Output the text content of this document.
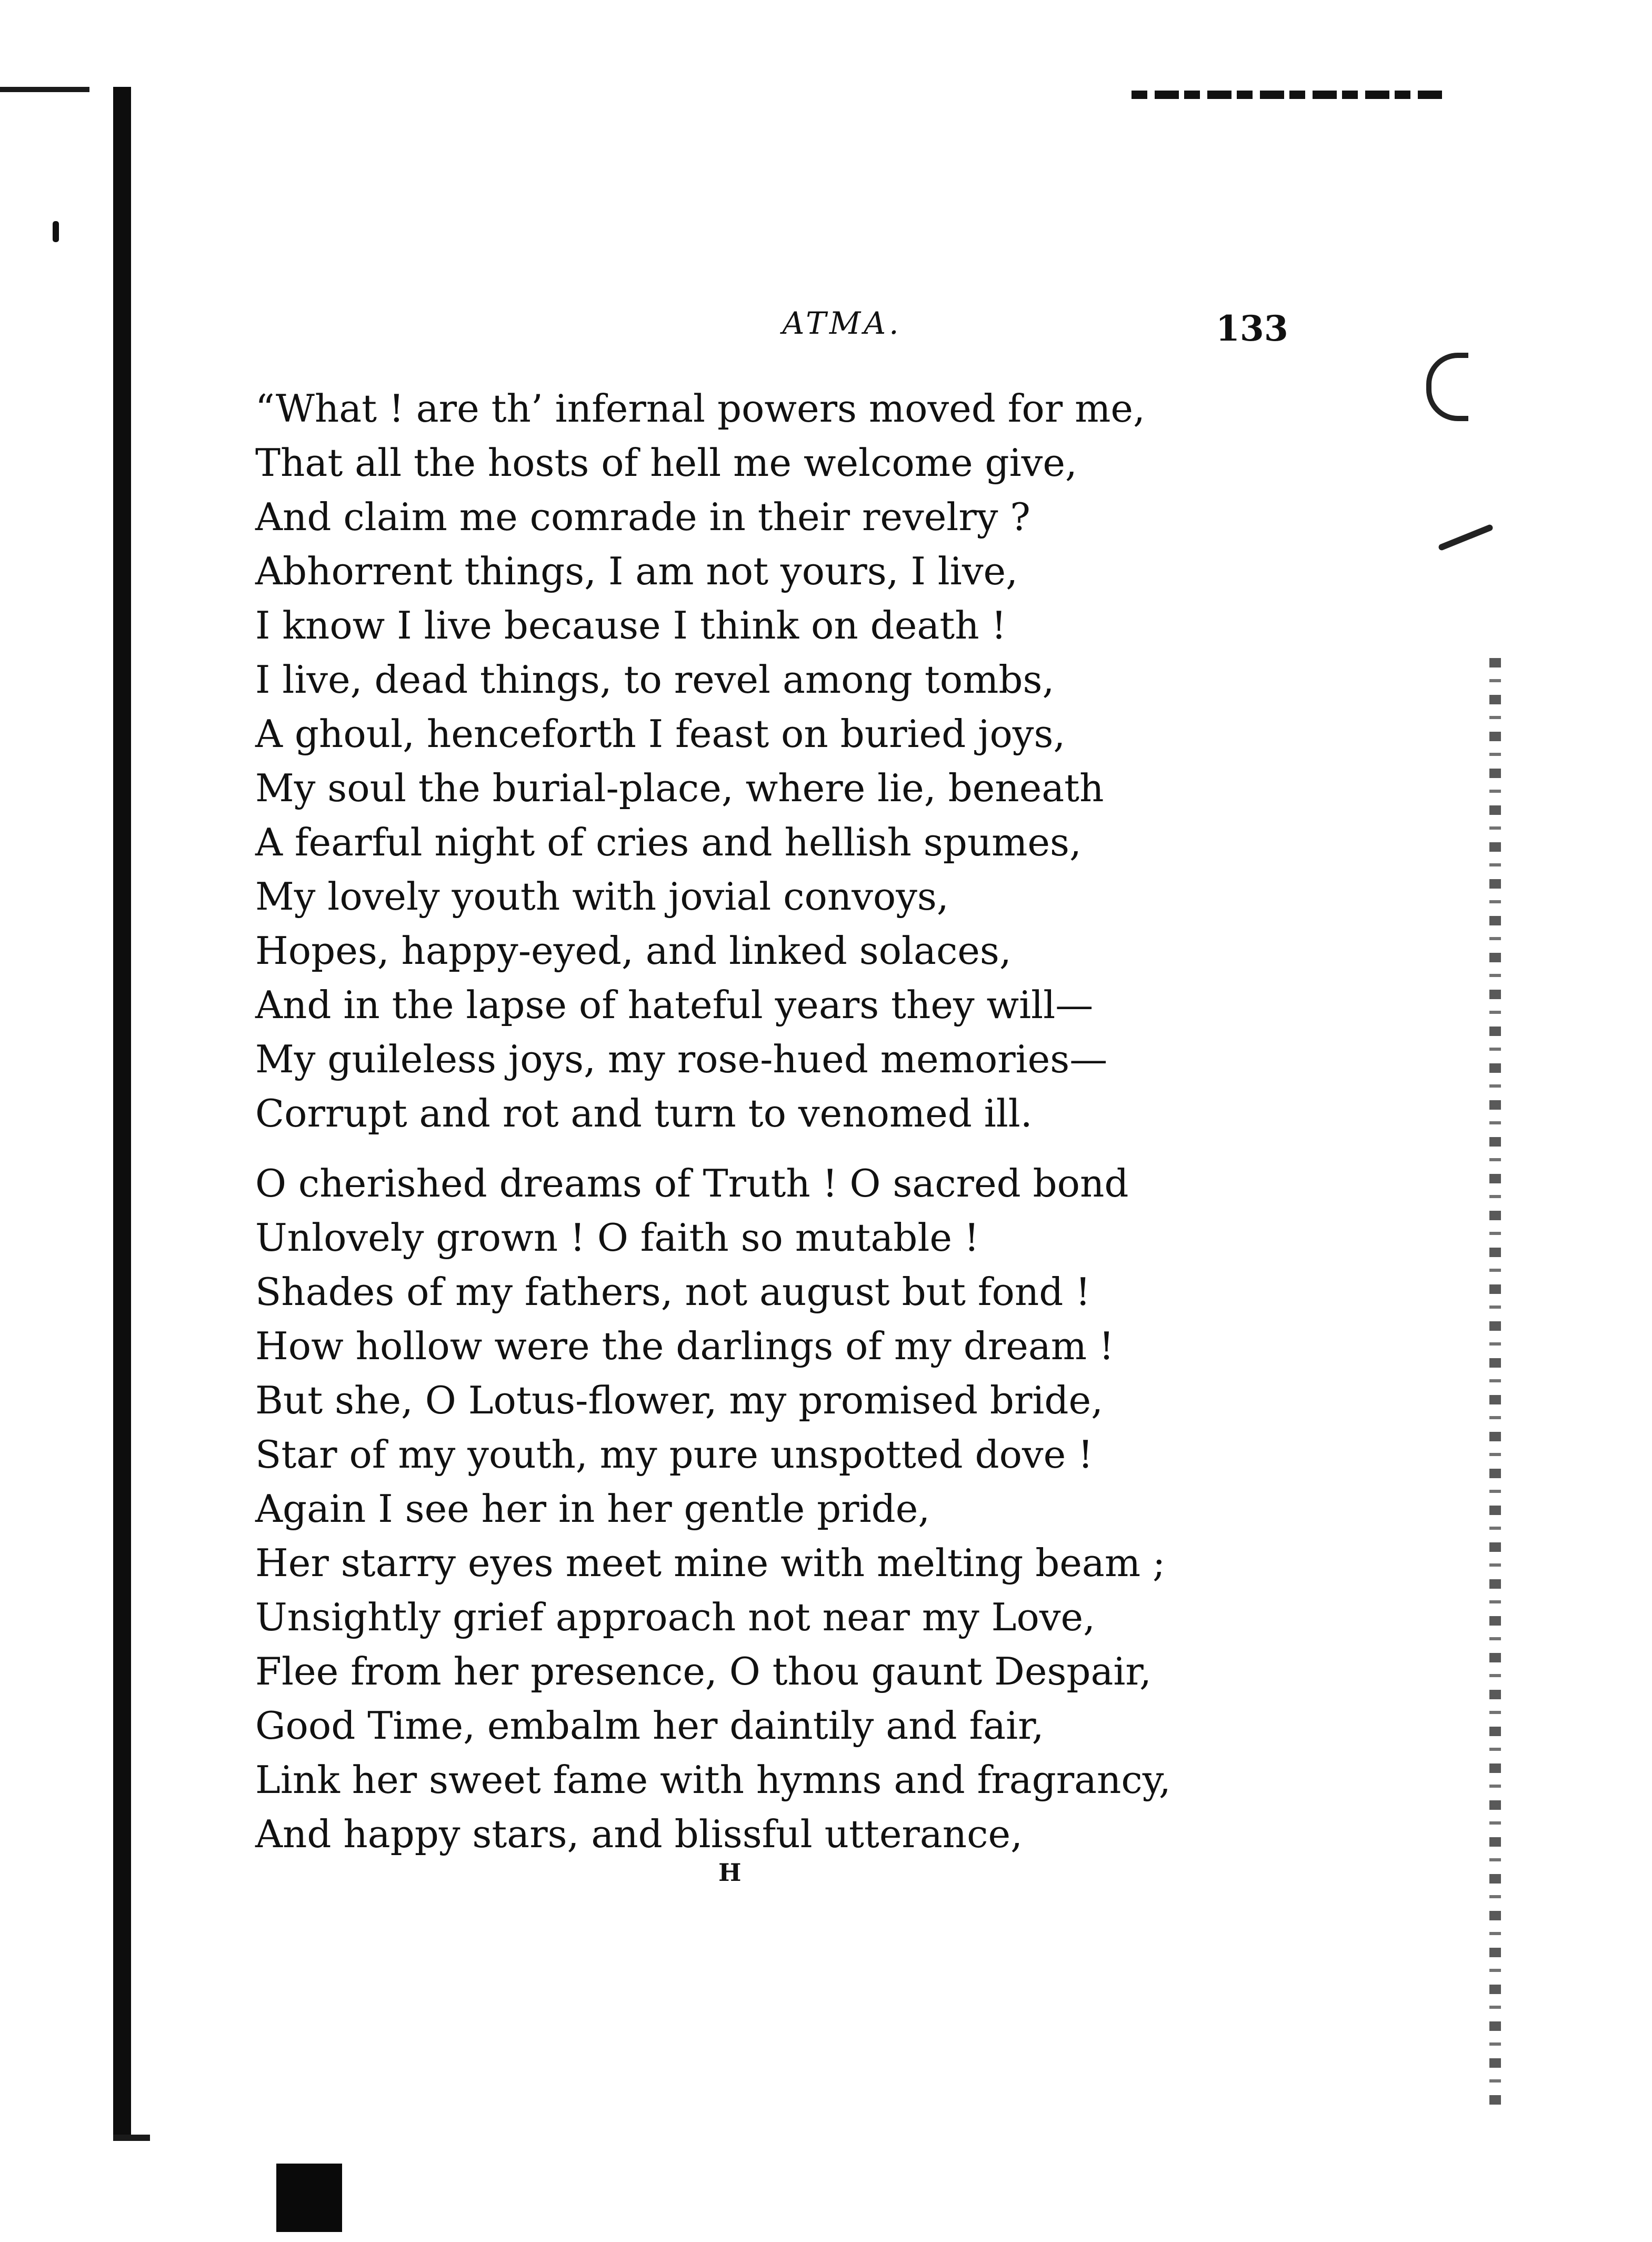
ATMA.	133
“What ! are th’ infernal powers moved for me,
That all the hosts of hell me welcome give,
And claim me comrade in their revelry ?
Abhorrent things, I am not yours, I live,
I know I live because I think on death !
I live, dead things, to revel among tombs,
A ghoul, henceforth I feast on buried joys,
My soul the burial-place, where lie, beneath
A fearful night of cries and hellish spumes,
My lovely youth with jovial convoys,
Hopes, happy-eyed, and linked solaces,
And in the lapse of hateful years they will—
My guileless joys, my rose-hued memories—
Corrupt and rot and turn to venomed ill.
O cherished dreams of Truth ! O sacred bond
Unlovely grown ! O faith so mutable !
Shades of my fathers, not august but fond !
How hollow were the darlings of my dream !
But she, O Lotus-flower, my promised bride,
Star of my youth, my pure unspotted dove !
Again I see her in her gentle pride,
Her starry eyes meet mine with melting beam ;
Unsightly grief approach not near my Love,
Flee from her presence, O thou gaunt Despair,
Good Time, embalm her daintily and fair,
Link her sweet fame with hymns and fragrancy,
And happy stars, and blissful utterance,
H
